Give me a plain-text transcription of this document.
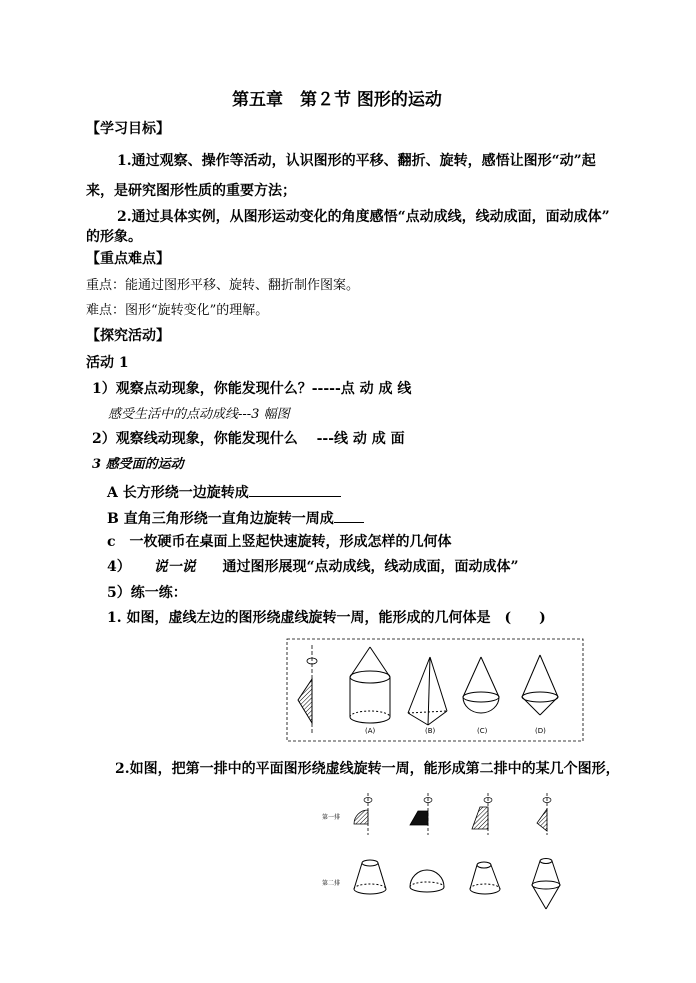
第五章　第２节 图形的运动
【学习目标】
1.通过观察、操作等活动，认识图形的平移、翻折、旋转，感悟让图形“动”起
来，是研究图形性质的重要方法；
2.通过具体实例，从图形运动变化的角度感悟“点动成线，线动成面，面动成体”
的形象。
【重点难点】
重点：能通过图形平移、旋转、翻折制作图案。
难点：图形“旋转变化”的理解。
【探究活动】
活动 1
1）观察点动现象，你能发现什么？-----点 动 成 线
感受生活中的点动成线---3 幅图
2）观察线动现象，你能发现什么　 ---线 动 成 面
3 感受面的运动
A 长方形绕一边旋转成
B 直角三角形绕一直角边旋转一周成
c　一枚硬币在桌面上竖起快速旋转，形成怎样的几何体
4） 说一说 通过图形展现“点动成线，线动成面，面动成体”
5）练一练：
1. 如图，虚线左边的图形绕虚线旋转一周，能形成的几何体是　(　　)
(A)	(B)	(C)	(D)
2.如图，把第一排中的平面图形绕虚线旋转一周，能形成第二排中的某几个图形，
第一排
第二排
